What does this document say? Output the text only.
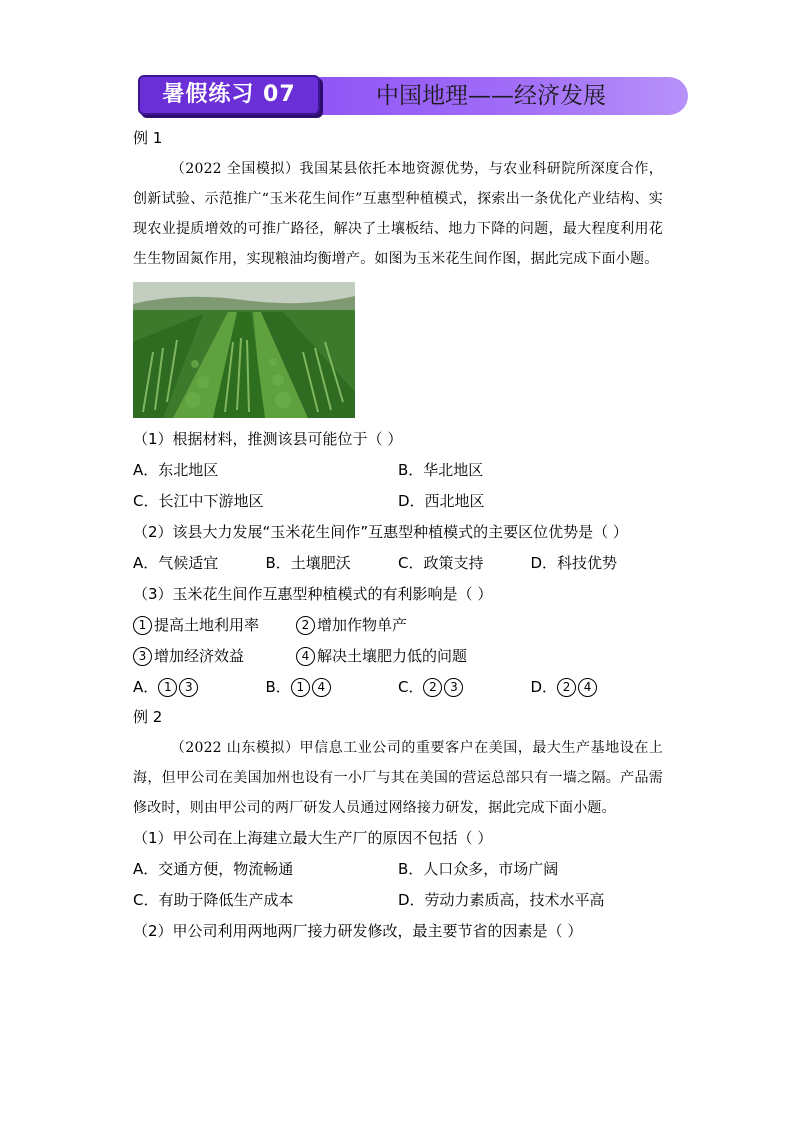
暑假练习 07	中国地理——经济发展
例 1

（2022 全国模拟）我国某县依托本地资源优势，与农业科研院所深度合作，创新试验、示范推广“玉米花生间作”互惠型种植模式，探索出一条优化产业结构、实现农业提质增效的可推广路径，解决了土壤板结、地力下降的问题，最大程度利用花生生物固氮作用，实现粮油均衡增产。如图为玉米花生间作图，据此完成下面小题。

（1）根据材料，推测该县可能位于（ ）

A．东北地区	B．华北地区
C．长江中下游地区	D．西北地区

（2）该县大力发展“玉米花生间作”互惠型种植模式的主要区位优势是（ ）

A．气候适宜	B．土壤肥沃	C．政策支持	D．科技优势

（3）玉米花生间作互惠型种植模式的有利影响是（ ）

1 提高土地利用率	2 增加作物单产
3 增加经济效益	4 解决土壤肥力低的问题
A． 1 3	B． 1 4	C． 2 3	D． 2 4
例 2

（2022 山东模拟）甲信息工业公司的重要客户在美国，最大生产基地设在上海，但甲公司在美国加州也设有一小厂与其在美国的营运总部只有一墙之隔。产品需修改时，则由甲公司的两厂研发人员通过网络接力研发，据此完成下面小题。

（1）甲公司在上海建立最大生产厂的原因不包括（ ）

A．交通方便，物流畅通	B．人口众多，市场广阔
C．有助于降低生产成本	D．劳动力素质高，技术水平高

（2）甲公司利用两地两厂接力研发修改，最主要节省的因素是（ ）
